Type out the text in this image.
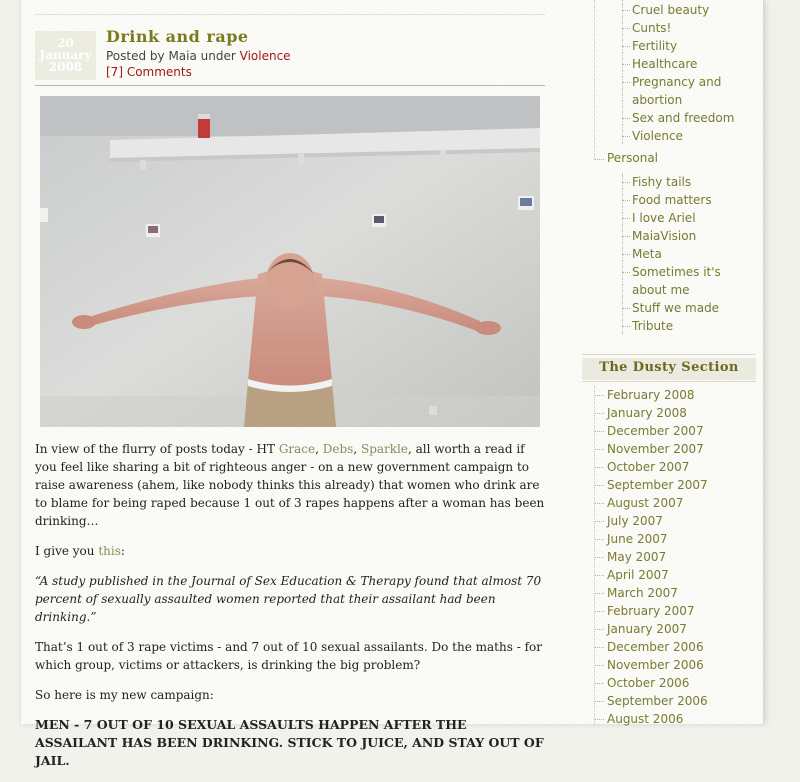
20
January
2008
Drink and rape
Posted by Maia under Violence
[7] Comments

In view of the flurry of posts today - HT Grace, Debs, Sparkle, all worth a read if you feel like sharing a bit of righteous anger - on a new government campaign to raise awareness (ahem, like nobody thinks this already) that women who drink are to blame for being raped because 1 out of 3 rapes happens after a woman has been drinking…

I give you this:

“A study published in the Journal of Sex Education & Therapy found that almost 70 percent of sexually assaulted women reported that their assailant had been drinking.”

That’s 1 out of 3 rape victims - and 7 out of 10 sexual assailants. Do the maths - for which group, victims or attackers, is drinking the big problem?

So here is my new campaign:

MEN - 7 OUT OF 10 SEXUAL ASSAULTS HAPPEN AFTER THE ASSAILANT HAS BEEN DRINKING. STICK TO JUICE, AND STAY OUT OF JAIL.

Cruel beauty
Cunts!
Fertility
Healthcare
Pregnancy and abortion
Sex and freedom
Violence
Personal
Fishy tails
Food matters
I love Ariel
MaiaVision
Meta
Sometimes it's about me
Stuff we made
Tribute
The Dusty Section
February 2008
January 2008
December 2007
November 2007
October 2007
September 2007
August 2007
July 2007
June 2007
May 2007
April 2007
March 2007
February 2007
January 2007
December 2006
November 2006
October 2006
September 2006
August 2006
